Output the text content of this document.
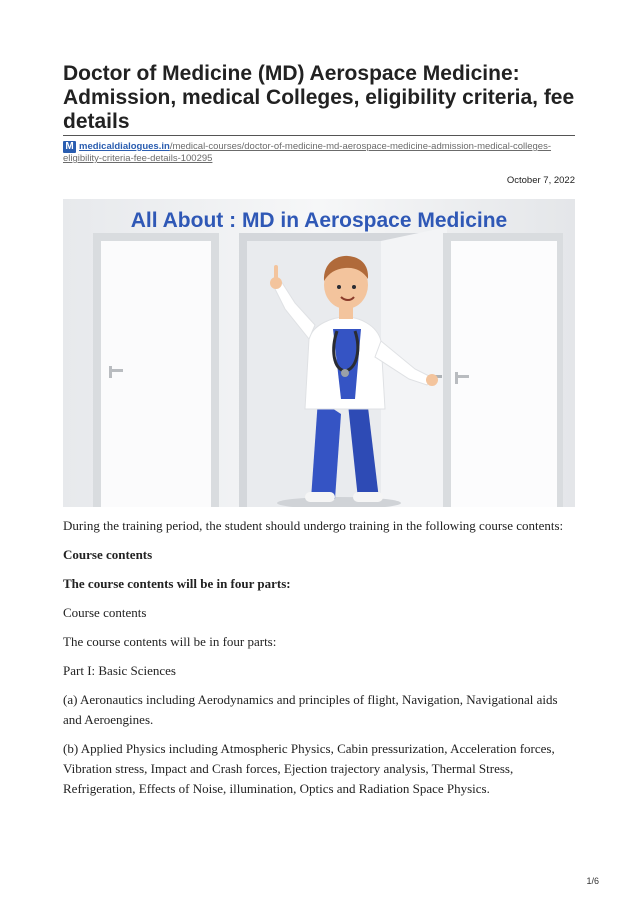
Doctor of Medicine (MD) Aerospace Medicine: Admission, medical Colleges, eligibility criteria, fee details
M medicaldialogues.in/medical-courses/doctor-of-medicine-md-aerospace-medicine-admission-medical-colleges-eligibility-criteria-fee-details-100295
October 7, 2022
All About : MD in Aerospace Medicine

During the training period, the student should undergo training in the following course contents:

Course contents

The course contents will be in four parts:

Course contents

The course contents will be in four parts:

Part I: Basic Sciences

(a) Aeronautics including Aerodynamics and principles of flight, Navigation, Navigational aids and Aeroengines.

(b) Applied Physics including Atmospheric Physics, Cabin pressurization, Acceleration forces, Vibration stress, Impact and Crash forces, Ejection trajectory analysis, Thermal Stress, Refrigeration, Effects of Noise, illumination, Optics and Radiation Space Physics.

1/6
